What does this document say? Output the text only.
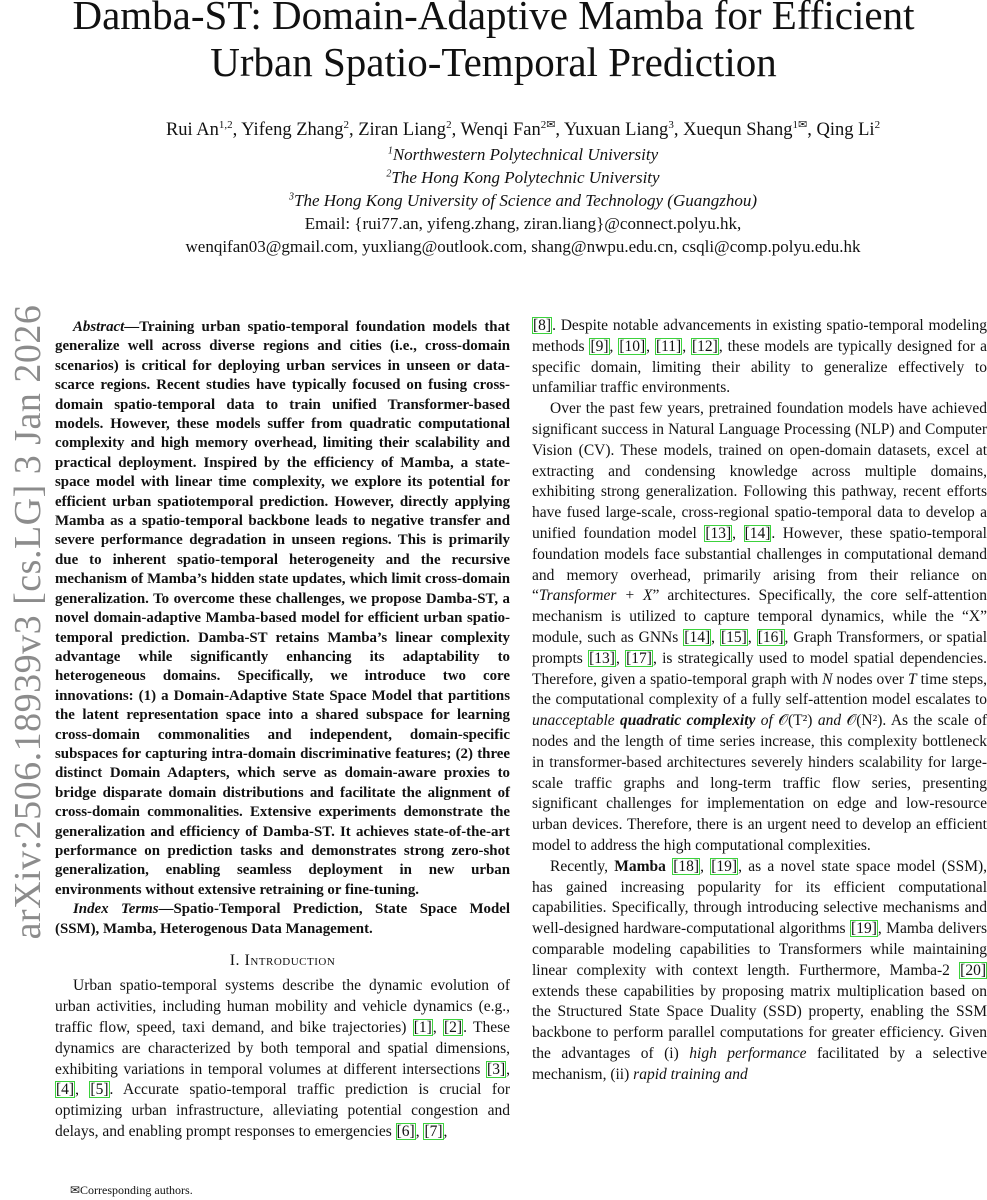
Damba-ST: Domain-Adaptive Mamba for Efficient
Urban Spatio-Temporal Prediction
Rui An$^{1,2}$, Yifeng Zhang$^2$, Ziran Liang$^2$, Wenqi Fan$^{2✉}$, Yuxuan Liang$^3$, Xuequn Shang$^{1✉}$, Qing Li$^2$
$^1$Northwestern Polytechnical University
$^2$The Hong Kong Polytechnic University
$^3$The Hong Kong University of Science and Technology (Guangzhou)
Email: {rui77.an, yifeng.zhang, ziran.liang}@connect.polyu.hk,
wenqifan03@gmail.com, yuxliang@outlook.com, shang@nwpu.edu.cn, csqli@comp.polyu.edu.hk
arXiv:2506.18939v3 [cs.LG] 3 Jan 2026	Abstract—Training urban spatio-temporal foundation models that generalize well across diverse regions and cities (i.e., cross-domain scenarios) is critical for deploying urban services in unseen or data-scarce regions. Recent studies have typically focused on fusing cross-domain spatio-temporal data to train unified Transformer-based models. However, these models suffer from quadratic computational complexity and high memory overhead, limiting their scalability and practical deployment. Inspired by the efficiency of Mamba, a state-space model with linear time complexity, we explore its potential for efficient urban spatiotemporal prediction. However, directly applying Mamba as a spatio-temporal backbone leads to negative transfer and severe performance degradation in unseen regions. This is primarily due to inherent spatio-temporal heterogeneity and the recursive mechanism of Mamba’s hidden state updates, which limit cross-domain generalization. To overcome these challenges, we propose Damba-ST, a novel domain-adaptive Mamba-based model for efficient urban spatio-temporal prediction. Damba-ST retains Mamba’s linear complexity advantage while significantly enhancing its adaptability to heterogeneous domains. Specifically, we introduce two core innovations: (1) a Domain-Adaptive State Space Model that partitions the latent representation space into a shared subspace for learning cross-domain commonalities and independent, domain-specific subspaces for capturing intra-domain discriminative features; (2) three distinct Domain Adapters, which serve as domain-aware proxies to bridge disparate domain distributions and facilitate the alignment of cross-domain commonalities. Extensive experiments demonstrate the generalization and efficiency of Damba-ST. It achieves state-of-the-art performance on prediction tasks and demonstrates strong zero-shot generalization, enabling seamless deployment in new urban environments without extensive retraining or fine-tuning.

Index Terms—Spatio-Temporal Prediction, State Space Model (SSM), Mamba, Heterogenous Data Management.

I. Introduction

Urban spatio-temporal systems describe the dynamic evolution of urban activities, including human mobility and vehicle dynamics (e.g., traffic flow, speed, taxi demand, and bike trajectories) [1], [2]. These dynamics are characterized by both temporal and spatial dimensions, exhibiting variations in temporal volumes at different intersections [3], [4], [5]. Accurate spatio-temporal traffic prediction is crucial for optimizing urban infrastructure, alleviating potential congestion and delays, and enabling prompt responses to emergencies [6], [7],

[8]. Despite notable advancements in existing spatio-temporal modeling methods [9], [10], [11], [12], these models are typically designed for a specific domain, limiting their ability to generalize effectively to unfamiliar traffic environments.

Over the past few years, pretrained foundation models have achieved significant success in Natural Language Processing (NLP) and Computer Vision (CV). These models, trained on open-domain datasets, excel at extracting and condensing knowledge across multiple domains, exhibiting strong generalization. Following this pathway, recent efforts have fused large-scale, cross-regional spatio-temporal data to develop a unified foundation model [13], [14]. However, these spatio-temporal foundation models face substantial challenges in computational demand and memory overhead, primarily arising from their reliance on “Transformer + X” architectures. Specifically, the core self-attention mechanism is utilized to capture temporal dynamics, while the “X” module, such as GNNs [14], [15], [16], Graph Transformers, or spatial prompts [13], [17], is strategically used to model spatial dependencies. Therefore, given a spatio-temporal graph with N nodes over T time steps, the computational complexity of a fully self-attention model escalates to unacceptable quadratic complexity of 𝒪(T²) and 𝒪(N²). As the scale of nodes and the length of time series increase, this complexity bottleneck in transformer-based architectures severely hinders scalability for large-scale traffic graphs and long-term traffic flow series, presenting significant challenges for implementation on edge and low-resource urban devices. Therefore, there is an urgent need to develop an efficient model to address the high computational complexities.

Recently, Mamba [18], [19], as a novel state space model (SSM), has gained increasing popularity for its efficient computational capabilities. Specifically, through introducing selective mechanisms and well-designed hardware-computational algorithms [19], Mamba delivers comparable modeling capabilities to Transformers while maintaining linear complexity with context length. Furthermore, Mamba-2 [20] extends these capabilities by proposing matrix multiplication based on the Structured State Space Duality (SSD) property, enabling the SSM backbone to perform parallel computations for greater efficiency. Given the advantages of (i) high performance facilitated by a selective mechanism, (ii) rapid training and

✉Corresponding authors.
